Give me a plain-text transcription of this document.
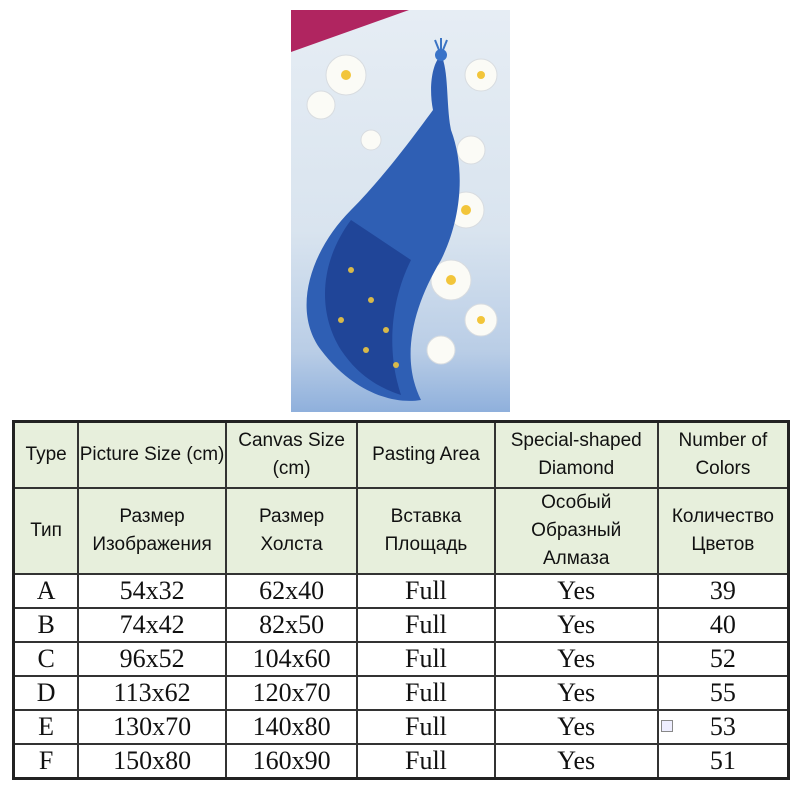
Type	Picture Size (cm)	Canvas Size (cm)	Pasting Area	Special-shaped Diamond	Number of Colors
Тип	Размер Изображения	Размер Холста	Вставка Площадь	Особый Образный Алмаза	Количество Цветов
A	54x32	62x40	Full	Yes	39
B	74x42	82x50	Full	Yes	40
C	96x52	104x60	Full	Yes	52
D	113x62	120x70	Full	Yes	55
E	130x70	140x80	Full	Yes	53
F	150x80	160x90	Full	Yes	51
